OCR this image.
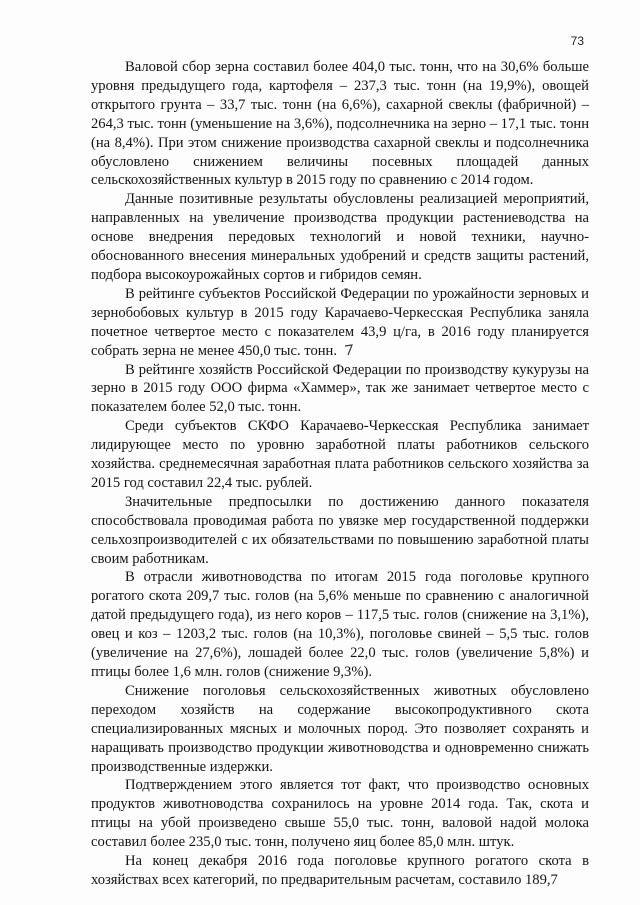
73

Валовой сбор зерна составил более 404,0 тыс. тонн, что на 30,6% больше уровня предыдущего года, картофеля – 237,3 тыс. тонн (на 19,9%), овощей открытого грунта – 33,7 тыс. тонн (на 6,6%), сахарной свеклы (фабричной) – 264,3 тыс. тонн (уменьшение на 3,6%), подсолнечника на зерно – 17,1 тыс. тонн (на 8,4%). При этом снижение производства сахарной свеклы и подсолнечника обусловлено снижением величины посевных площадей данных сельскохозяйственных культур в 2015 году по сравнению с 2014 годом.

Данные позитивные результаты обусловлены реализацией мероприятий, направленных на увеличение производства продукции растениеводства на основе внедрения передовых технологий и новой техники, научно-обоснованного внесения минеральных удобрений и средств защиты растений, подбора высокоурожайных сортов и гибридов семян.

В рейтинге субъектов Российской Федерации по урожайности зерновых и зернобобовых культур в 2015 году Карачаево-Черкесская Республика заняла почетное четвертое место с показателем 43,9 ц/га, в 2016 году планируется собрать зерна не менее 450,0 тыс. тонн.

В рейтинге хозяйств Российской Федерации по производству кукурузы на зерно в 2015 году ООО фирма «Хаммер», так же занимает четвертое место с показателем более 52,0 тыс. тонн.

Среди субъектов СКФО Карачаево-Черкесская Республика занимает лидирующее место по уровню заработной платы работников сельского хозяйства. среднемесячная заработная плата работников сельского хозяйства за 2015 год составил 22,4 тыс. рублей.

Значительные предпосылки по достижению данного показателя способствовала проводимая работа по увязке мер государственной поддержки сельхозпроизводителей с их обязательствами по повышению заработной платы своим работникам.

В отрасли животноводства по итогам 2015 года поголовье крупного рогатого скота 209,7 тыс. голов (на 5,6% меньше по сравнению с аналогичной датой предыдущего года), из него коров – 117,5 тыс. голов (снижение на 3,1%), овец и коз – 1203,2 тыс. голов (на 10,3%), поголовье свиней – 5,5 тыс. голов (увеличение на 27,6%), лошадей более 22,0 тыс. голов (увеличение 5,8%) и птицы более 1,6 млн. голов (снижение 9,3%).

Снижение поголовья сельскохозяйственных животных обусловлено переходом хозяйств на содержание высокопродуктивного скота специализированных мясных и молочных пород. Это позволяет сохранять и наращивать производство продукции животноводства и одновременно снижать производственные издержки.

Подтверждением этого является тот факт, что производство основных продуктов животноводства сохранилось на уровне 2014 года. Так, скота и птицы на убой произведено свыше 55,0 тыс. тонн, валовой надой молока составил более 235,0 тыс. тонн, получено яиц более 85,0 млн. штук.

На конец декабря 2016 года поголовье крупного рогатого скота в хозяйствах всех категорий, по предварительным расчетам, составило 189,7
